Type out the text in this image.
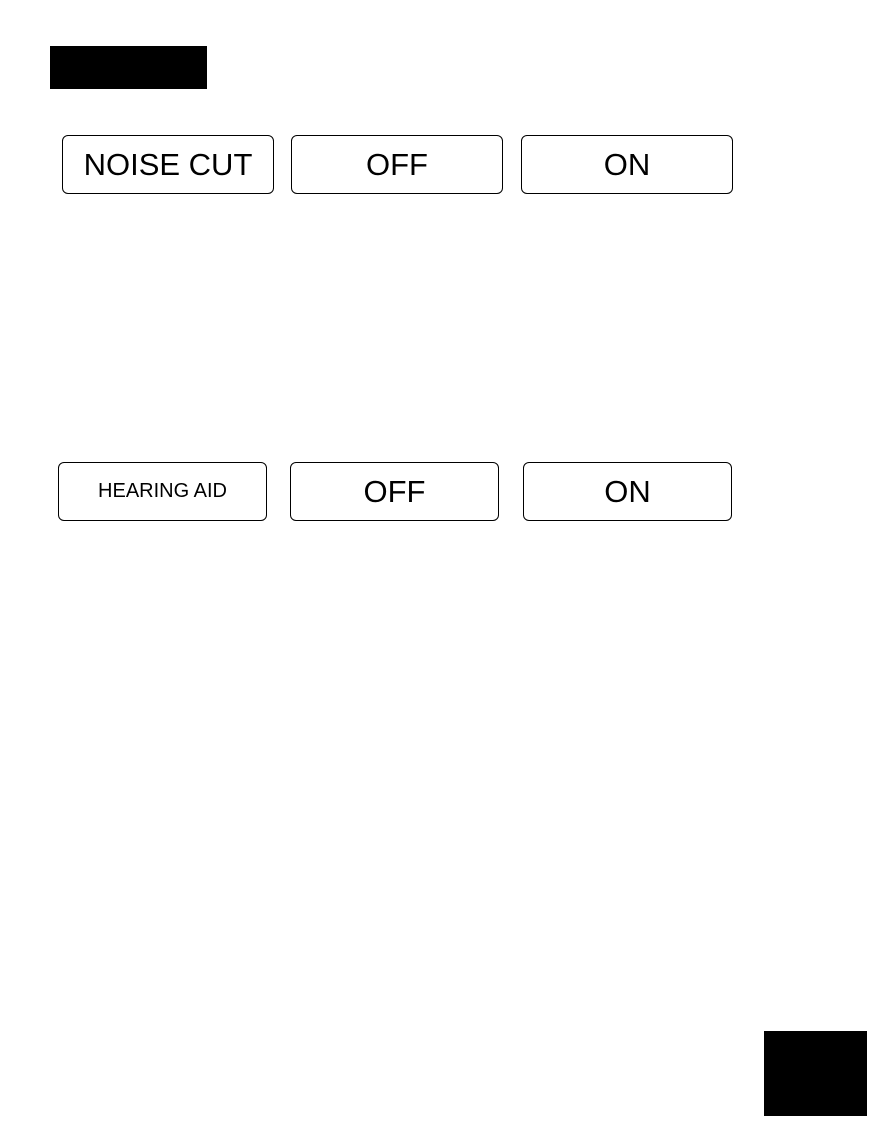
NOISE CUT	OFF	ON
HEARING AID	OFF	ON
